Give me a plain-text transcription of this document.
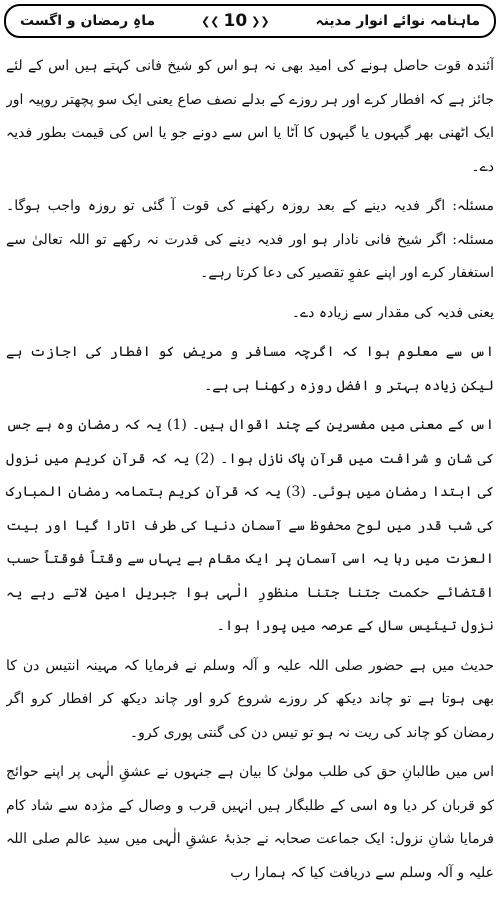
ماہِ رمضان و اگست	❮❮ 10 ❯❯	ماہنامہ نوائے انوار مدینہ

آئندہ قوت حاصل ہونے کی امید بھی نہ ہو اس کو شیخ فانی کہتے ہیں اس کے لئے جائز ہے کہ افطار کرے اور ہر روزے کے بدلے نصف صاع یعنی ایک سو پچھتر روپیہ اور ایک اٹھنی بھر گیہوں یا گیہوں کا آٹا یا اس سے دونے جو یا اس کی قیمت بطور فدیہ دے۔

مسئلہ: اگر فدیہ دینے کے بعد روزہ رکھنے کی قوت آ گئی تو روزہ واجب ہوگا۔ مسئلہ: اگر شیخ فانی نادار ہو اور فدیہ دینے کی قدرت نہ رکھے تو اللہ تعالیٰ سے استغفار کرے اور اپنے عفوِ تقصیر کی دعا کرتا رہے۔

یعنی فدیہ کی مقدار سے زیادہ دے۔

اس سے معلوم ہوا کہ اگرچہ مسافر و مریض کو افطار کی اجازت ہے لیکن زیادہ بہتر و افضل روزہ رکھنا ہی ہے۔

اس کے معنی میں مفسرین کے چند اقوال ہیں۔ (1) یہ کہ رمضان وہ ہے جس کی شان و شرافت میں قرآن پاک نازل ہوا۔ (2) یہ کہ قرآن کریم میں نزول کی ابتدا رمضان میں ہوئی۔ (3) یہ کہ قرآن کریم بتمامہ رمضان المبارک کی شب قدر میں لوح محفوظ سے آسمان دنیا کی طرف اتارا گیا اور بیت العزت میں رہا یہ اسی آسمان پر ایک مقام ہے یہاں سے وقتاً فوقتاً حسب اقتضائے حکمت جتنا جتنا منظورِ الٰہی ہوا جبریل امین لاتے رہے یہ نزول تیئیس سال کے عرصہ میں پورا ہوا۔

حدیث میں ہے حضور صلی اللہ علیہ و آلہ وسلم نے فرمایا کہ مہینہ انتیس دن کا بھی ہوتا ہے تو چاند دیکھ کر روزے شروع کرو اور چاند دیکھ کر افطار کرو اگر رمضان کو چاند کی ریت نہ ہو تو تیس دن کی گنتی پوری کرو۔

اس میں طالبانِ حق کی طلب مولیٰ کا بیان ہے جنہوں نے عشقِ الٰہی پر اپنے حوائج کو قربان کر دیا وہ اسی کے طلبگار ہیں انہیں قرب و وصال کے مژدہ سے شاد کام فرمایا شانِ نزول: ایک جماعت صحابہ نے جذبۂ عشقِ الٰہی میں سید عالم صلی اللہ علیہ و آلہ وسلم سے دریافت کیا کہ ہمارا رب
